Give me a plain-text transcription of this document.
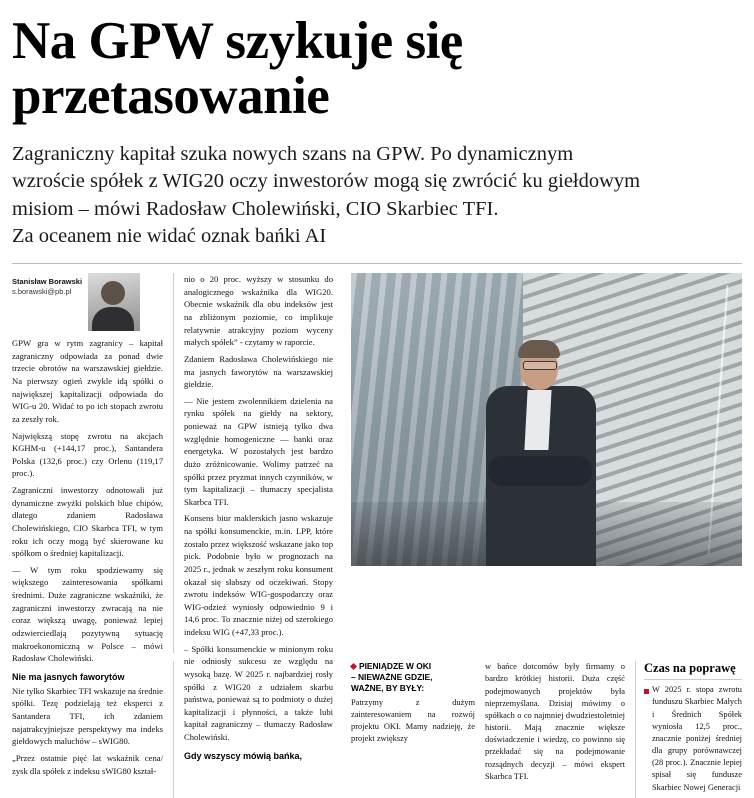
Na GPW szykuje się
przetasowanie
Zagraniczny kapitał szuka nowych szans na GPW. Po dynamicznym
wzroście spółek z WIG20 oczy inwestorów mogą się zwrócić ku giełdowym
misiom – mówi Radosław Cholewiński, CIO Skarbiec TFI.
Za oceanem nie widać oznak bańki AI
Stanisław Borawski
s.borawski@pb.pl

GPW gra w rytm zagranicy – kapitał zagraniczny odpowiada za ponad dwie trzecie obrotów na warszawskiej giełdzie. Na pierwszy ogień zwykle idą spółki o największej kapitalizacji odpowiada do WIG-u 20. Widać to po ich stopach zwrotu za zeszły rok.

Największą stopę zwrotu na akcjach KGHM-u (+144,17 proc.), Santandera Polska (132,6 proc.) czy Orlenu (119,17 proc.).

Zagraniczni inwestorzy odnotowali już dynamiczne zwyżki polskich blue chipów, dlatego zdaniem Radosława Cholewińskiego, CIO Skarbca TFI, w tym roku ich oczy mogą być skierowane ku spółkom o średniej kapitalizacji.

— W tym roku spodziewamy się większego zainteresowania spółkami średnimi. Duże zagraniczne wskaźniki, że zagraniczni inwestorzy zwracają na nie coraz większą uwagę, ponieważ lepiej odzwierciedlają pozytywną sytuację makroekonomiczną w Polsce – mówi Radosław Cholewiński.

Nie ma jasnych faworytów

Nie tylko Skarbiec TFI wskazuje na średnie spółki. Tezę podzielają też eksperci z Santandera TFI, ich zdaniem najatrakcyjniejsze perspektywy ma indeks giełdowych maluchów – sWIG80.

„Przez ostatnie pięć lat wskaźnik cena/ zysk dla spółek z indeksu sWIG80 kształ-

nio o 20 proc. wyższy w stosunku do analogicznego wskaźnika dla WIG20. Obecnie wskaźnik dla obu indeksów jest na zbliżonym poziomie, co implikuje relatywnie atrakcyjny poziom wyceny małych spółek” - czytamy w raporcie.

Zdaniem Radosława Cholewińskiego nie ma jasnych faworytów na warszawskiej giełdzie.

— Nie jestem zwolennikiem dzielenia na rynku spółek na giełdy na sektory, ponieważ na GPW istnieją tylko dwa względnie homogeniczne — banki oraz energetyka. W pozostałych jest bardzo dużo zróżnicowanie. Wolimy patrzeć na spółki przez pryzmat innych czynników, w tym kapitalizacji – tłumaczy specjalista Skarbca TFI.

Konsens biur maklerskich jasno wskazuje na spółki konsumenckie, m.in. LPP, które zostało przez większość wskazane jako top pick. Podobnie było w prognozach na 2025 r., jednak w zeszłym roku konsument okazał się słabszy od oczekiwań. Stopy zwrotu indeksów WIG-gospodarczy oraz WIG-odzież wyniosły odpowiednio 9 i 14,6 proc. To znacznie niżej od szerokiego indeksu WIG (+47,33 proc.).

– Spółki konsumenckie w minionym roku nie odniosły sukcesu ze względu na wysoką bazę. W 2025 r. najbardziej rosły spółki z WIG20 z udziałem skarbu państwa, ponieważ są to podmioty o dużej kapitalizacji i płynności, a także lubi kapitał zagraniczny – tłumaczy Radosław Cholewiński.

Gdy wszyscy mówią bańka,
PIENIĄDZE W OKI
– NIEWAŻNE GDZIE,
WAŻNE, BY BYŁY:
Patrzymy z dużym zainteresowaniem na rozwój projektu OKI. Mamy nadzieję, że projekt zwiększy
w bańce dotcomów były firmamy o bardzo krótkiej historii. Duża część podejmowanych projektów była nieprzemyślana. Dzisiaj mówimy o spółkach o co najmniej dwudziestoletniej historii. Mają znacznie większe doświadczenie i wiedzę, co powinno się przekładać się na podejmowanie rozsądnych decyzji – mówi ekspert Skarbca TFI.
Czas na poprawę
W 2025 r. stopa zwrotu funduszu Skarbiec Małych i Średnich Spółek wyniosła 12,5 proc., znacznie poniżej średniej dla grupy porównawczej (28 proc.). Znacznie lepiej spisał się fundusze Skarbiec Nowej Generacji
